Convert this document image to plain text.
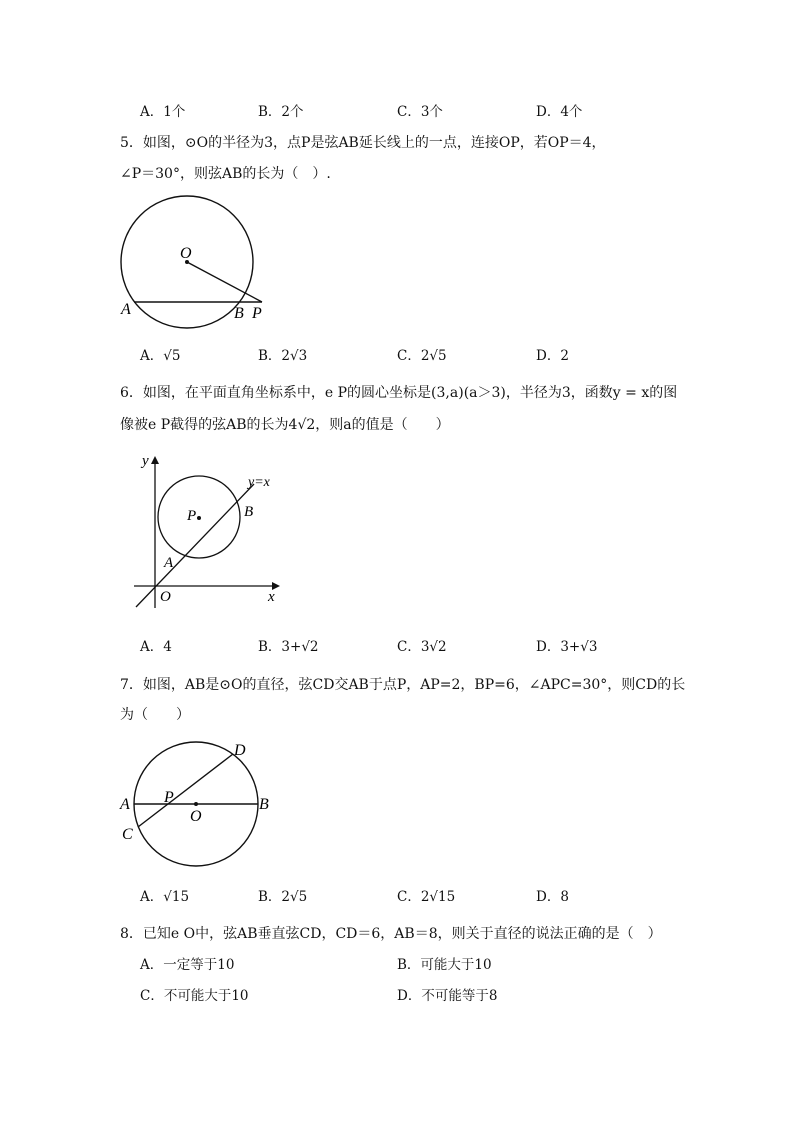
A．1个	B．2个	C．3个	D．4个
5．如图，⊙O的半径为3，点P是弦AB延长线上的一点，连接OP，若OP＝4，
∠P＝30°，则弦AB的长为（　）.
O
A	B P
A．√5	B．2√3	C．2√5	D．2
6．如图，在平面直角坐标系中，e P的圆心坐标是(3,a)(a＞3)，半径为3，函数y = x的图
像被e P截得的弦AB的长为4√2，则a的值是（　　）
y
x
y=x
P	B
A
O
A．4	B．3+√2	C．3√2	D．3+√3
7．如图，AB是⊙O的直径，弦CD交AB于点P，AP=2，BP=6，∠APC=30°，则CD的长
为（　　）
D
A P
O
B
C
A．√15	B．2√5	C．2√15	D．8
8．已知e O中，弦AB垂直弦CD，CD＝6，AB＝8，则关于直径的说法正确的是（　）
A．一定等于10	B．可能大于10
C．不可能大于10	D．不可能等于8
